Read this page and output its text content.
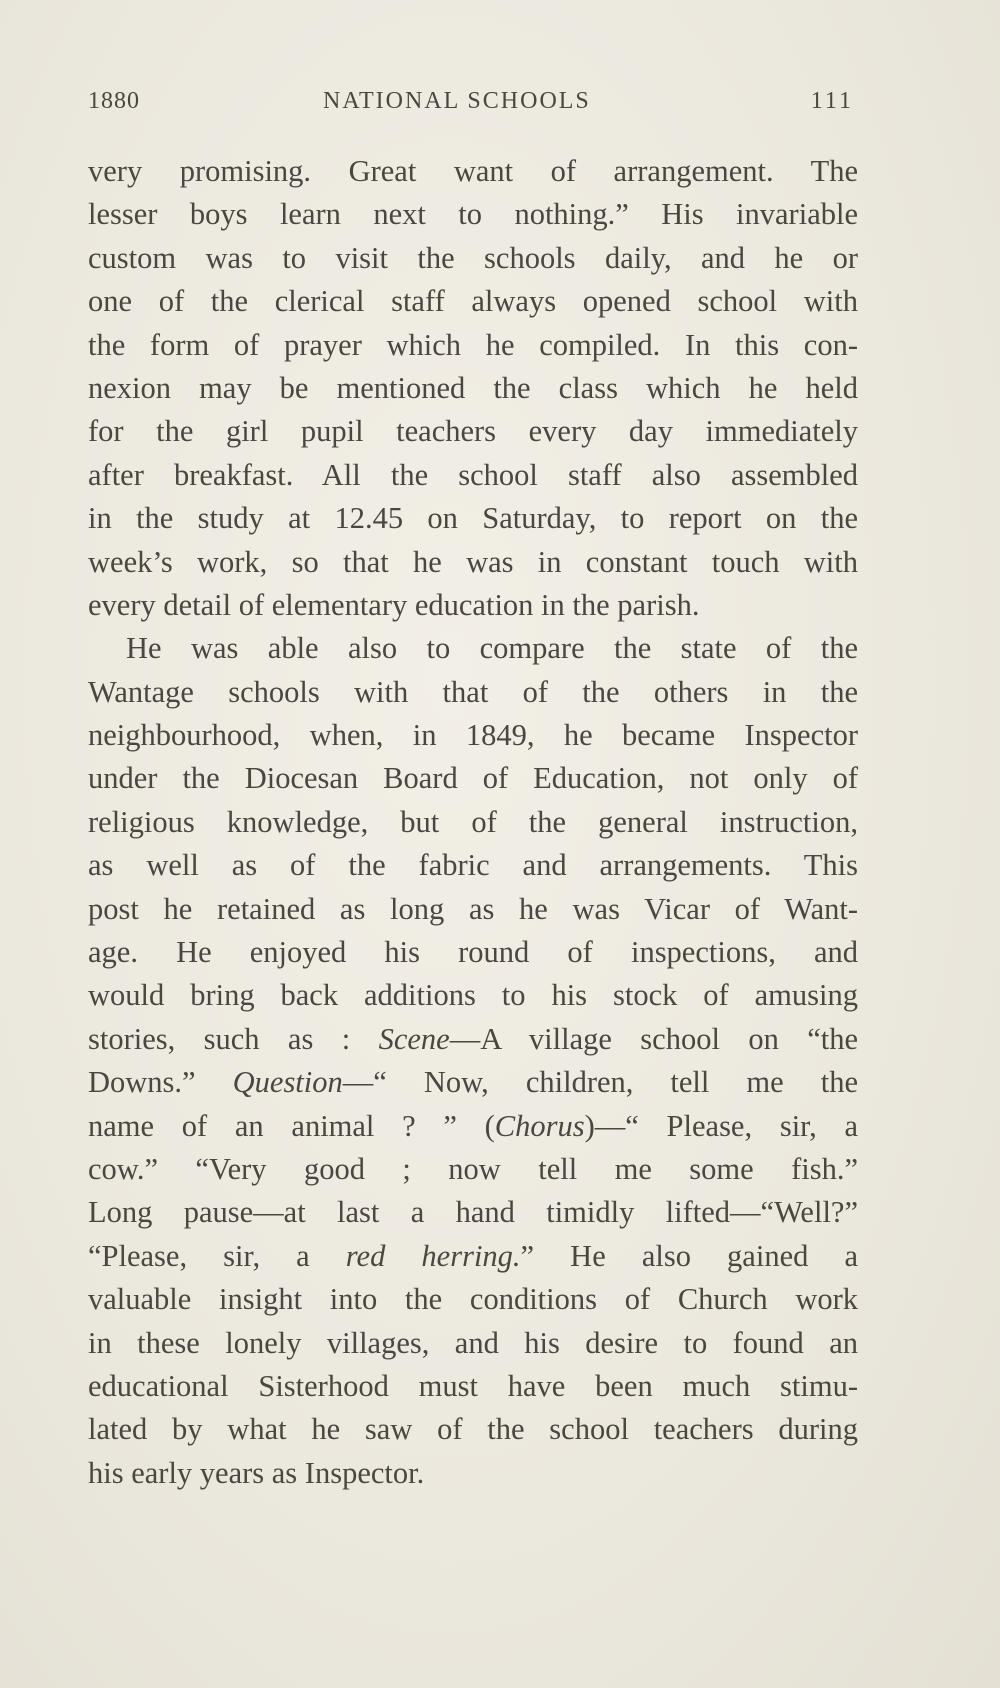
1880	NATIONAL SCHOOLS	111
very promising. Great want of arrangement. The
lesser boys learn next to nothing.” His invariable
custom was to visit the schools daily, and he or
one of the clerical staff always opened school with
the form of prayer which he compiled. In this con-
nexion may be mentioned the class which he held
for the girl pupil teachers every day immediately
after breakfast. All the school staff also assembled
in the study at 12.45 on Saturday, to report on the
week’s work, so that he was in constant touch with
every detail of elementary education in the parish.
He was able also to compare the state of the
Wantage schools with that of the others in the
neighbourhood, when, in 1849, he became Inspector
under the Diocesan Board of Education, not only of
religious knowledge, but of the general instruction,
as well as of the fabric and arrangements. This
post he retained as long as he was Vicar of Want-
age. He enjoyed his round of inspections, and
would bring back additions to his stock of amusing
stories, such as : Scene—A village school on “the
Downs.” Question—“ Now, children, tell me the
name of an animal ? ” (Chorus)—“ Please, sir, a
cow.” “Very good ; now tell me some fish.”
Long pause—at last a hand timidly lifted—“Well?”
“Please, sir, a red herring.” He also gained a
valuable insight into the conditions of Church work
in these lonely villages, and his desire to found an
educational Sisterhood must have been much stimu-
lated by what he saw of the school teachers during
his early years as Inspector.
